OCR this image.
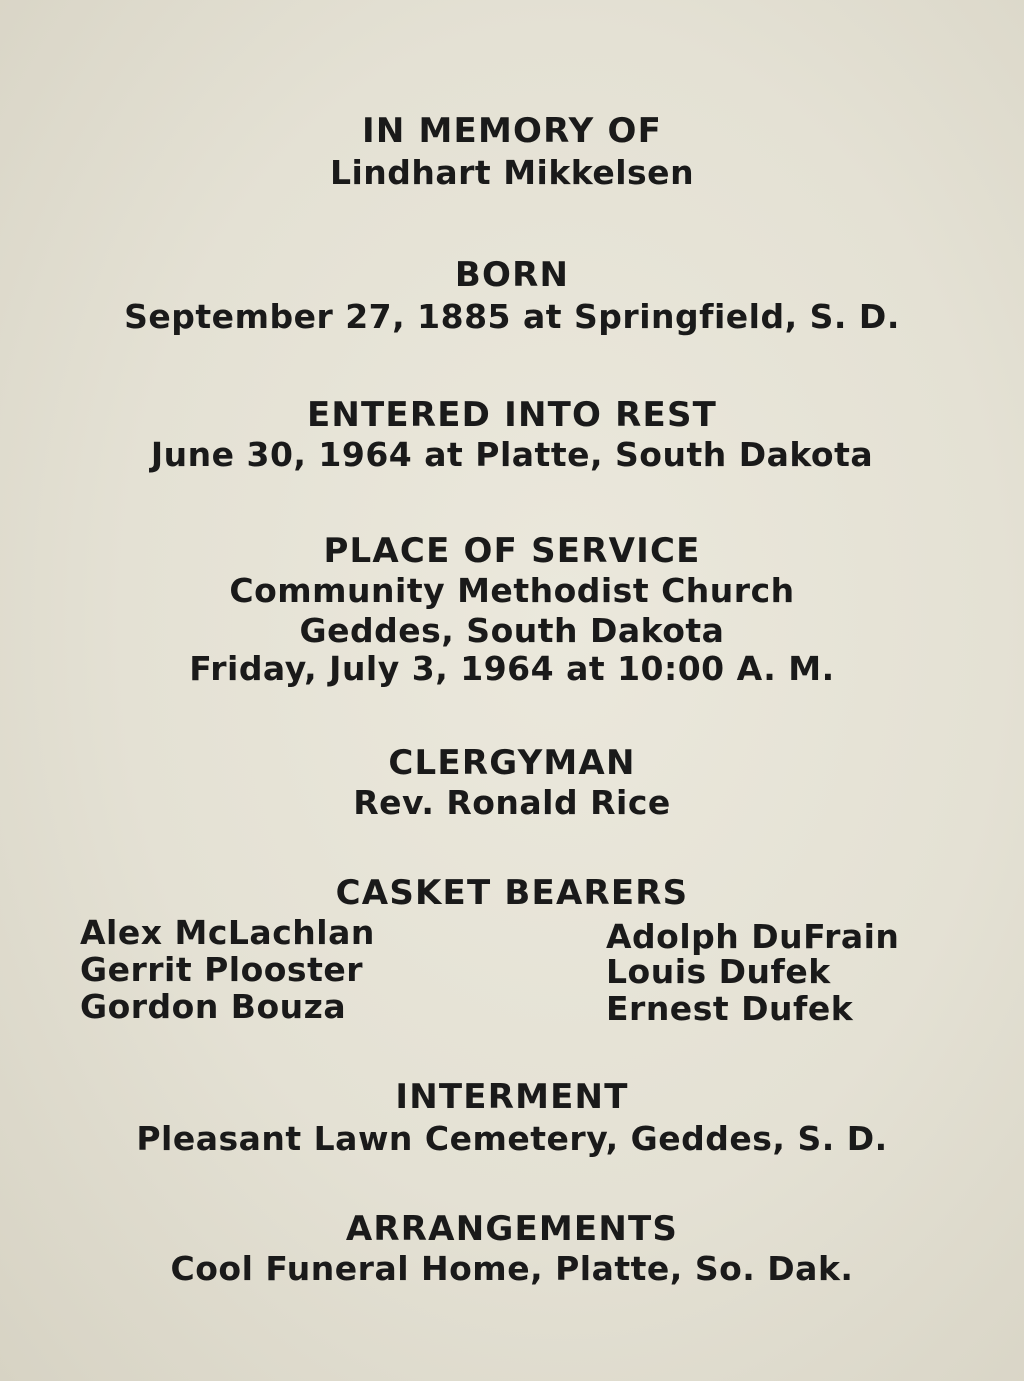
IN MEMORY OF
Lindhart Mikkelsen
BORN
September 27, 1885 at Springfield, S. D.
ENTERED INTO REST
June 30, 1964 at Platte, South Dakota
PLACE OF SERVICE
Community Methodist Church
Geddes, South Dakota
Friday, July 3, 1964 at 10:00 A. M.
CLERGYMAN
Rev. Ronald Rice
CASKET BEARERS
Alex McLachlan
Gerrit Plooster
Gordon Bouza
Adolph DuFrain
Louis Dufek
Ernest Dufek
INTERMENT
Pleasant Lawn Cemetery, Geddes, S. D.
ARRANGEMENTS
Cool Funeral Home, Platte, So. Dak.
